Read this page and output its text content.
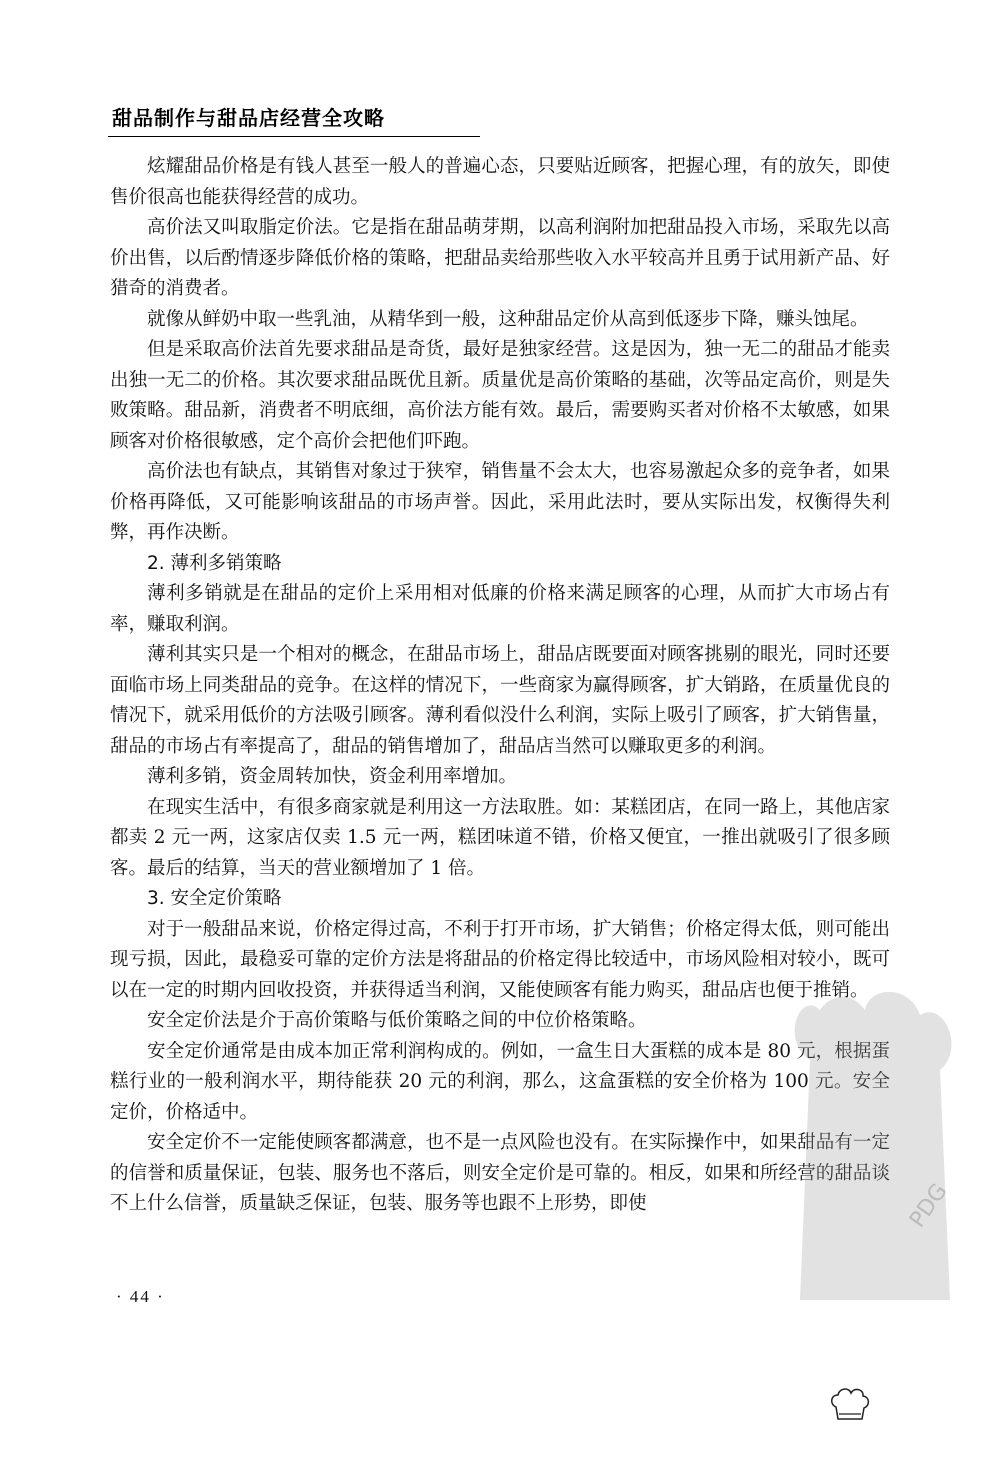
甜品制作与甜品店经营全攻略

炫耀甜品价格是有钱人甚至一般人的普遍心态，只要贴近顾客，把握心理，有的放矢，即使售价很高也能获得经营的成功。

高价法又叫取脂定价法。它是指在甜品萌芽期，以高利润附加把甜品投入市场，采取先以高价出售，以后酌情逐步降低价格的策略，把甜品卖给那些收入水平较高并且勇于试用新产品、好猎奇的消费者。

就像从鲜奶中取一些乳油，从精华到一般，这种甜品定价从高到低逐步下降，赚头蚀尾。

但是采取高价法首先要求甜品是奇货，最好是独家经营。这是因为，独一无二的甜品才能卖出独一无二的价格。其次要求甜品既优且新。质量优是高价策略的基础，次等品定高价，则是失败策略。甜品新，消费者不明底细，高价法方能有效。最后，需要购买者对价格不太敏感，如果顾客对价格很敏感，定个高价会把他们吓跑。

高价法也有缺点，其销售对象过于狭窄，销售量不会太大，也容易激起众多的竞争者，如果价格再降低，又可能影响该甜品的市场声誉。因此，采用此法时，要从实际出发，权衡得失利弊，再作决断。

2. 薄利多销策略

薄利多销就是在甜品的定价上采用相对低廉的价格来满足顾客的心理，从而扩大市场占有率，赚取利润。

薄利其实只是一个相对的概念，在甜品市场上，甜品店既要面对顾客挑剔的眼光，同时还要面临市场上同类甜品的竞争。在这样的情况下，一些商家为赢得顾客，扩大销路，在质量优良的情况下，就采用低价的方法吸引顾客。薄利看似没什么利润，实际上吸引了顾客，扩大销售量，甜品的市场占有率提高了，甜品的销售增加了，甜品店当然可以赚取更多的利润。

薄利多销，资金周转加快，资金利用率增加。

在现实生活中，有很多商家就是利用这一方法取胜。如：某糕团店，在同一路上，其他店家都卖 2 元一两，这家店仅卖 1.5 元一两，糕团味道不错，价格又便宜，一推出就吸引了很多顾客。最后的结算，当天的营业额增加了 1 倍。

3. 安全定价策略

对于一般甜品来说，价格定得过高，不利于打开市场，扩大销售；价格定得太低，则可能出现亏损，因此，最稳妥可靠的定价方法是将甜品的价格定得比较适中，市场风险相对较小，既可以在一定的时期内回收投资，并获得适当利润，又能使顾客有能力购买，甜品店也便于推销。

安全定价法是介于高价策略与低价策略之间的中位价格策略。

安全定价通常是由成本加正常利润构成的。例如，一盒生日大蛋糕的成本是 80 元，根据蛋糕行业的一般利润水平，期待能获 20 元的利润，那么，这盒蛋糕的安全价格为 100 元。安全定价，价格适中。

安全定价不一定能使顾客都满意，也不是一点风险也没有。在实际操作中，如果甜品有一定的信誉和质量保证，包装、服务也不落后，则安全定价是可靠的。相反，如果和所经营的甜品谈不上什么信誉，质量缺乏保证，包装、服务等也跟不上形势，即使

· 44 ·
PDG
